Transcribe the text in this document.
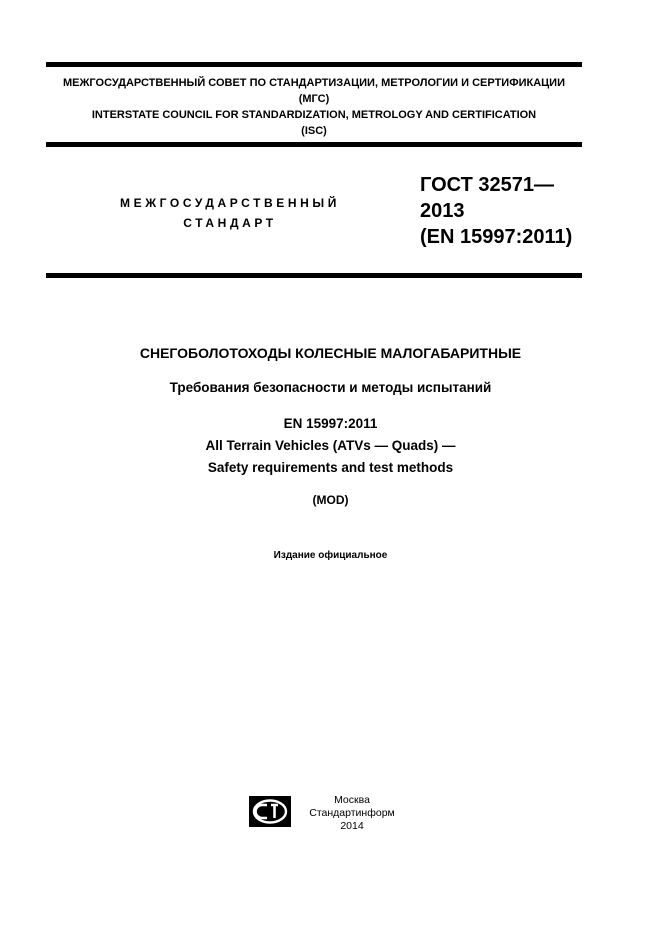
МЕЖГОСУДАРСТВЕННЫЙ СОВЕТ ПО СТАНДАРТИЗАЦИИ, МЕТРОЛОГИИ И СЕРТИФИКАЦИИ
(МГС)
INTERSTATE COUNCIL FOR STANDARDIZATION, METROLOGY AND CERTIFICATION
(ISC)
МЕЖГОСУДАРСТВЕННЫЙ
СТАНДАРТ
ГОСТ 32571—
2013
(EN 15997:2011)
СНЕГОБОЛОТОХОДЫ КОЛЕСНЫЕ МАЛОГАБАРИТНЫЕ
Требования безопасности и методы испытаний
EN 15997:2011
All Terrain Vehicles (ATVs — Quads) —
Safety requirements and test methods
(MOD)
Издание официальное
Москва
Стандартинформ
2014
